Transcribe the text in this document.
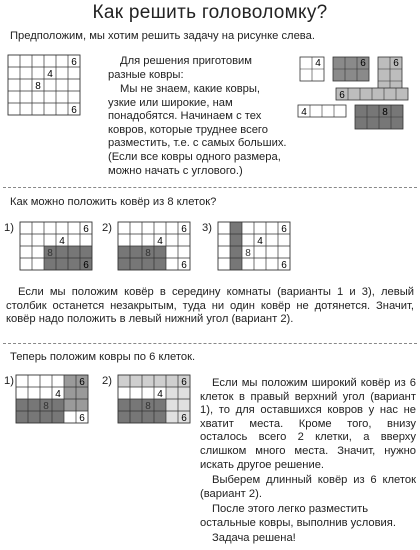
Как решить головоломку?
Предположим, мы хотим решить задачу на рисунке слева.
6
4
8
6
4	6	6
6
4	8
6
4
8
6
6
4
8
6
6
4
8
6
6
4
8
6
6
4
8
6
Для решения приготовим разные ковры:
Мы не знаем, какие ковры, узкие или широкие, нам понадобятся. Начинаем с тех ковров, которые труднее всего разместить, т.е. с самых больших. (Если все ковры одного размера, можно начать с углового.)
Как можно положить ковёр из 8 клеток?
1)	2)	3)
Если мы положим ковёр в середину комнаты (варианты 1 и 3), левый столбик останется незакрытым, туда ни один ковёр не дотянется. Значит, ковёр надо положить в левый нижний угол (вариант 2).
Теперь положим ковры по 6 клеток.
1)	2)	Если мы положим широкий ковёр из 6 клеток в правый верхний угол (вариант 1), то для оставшихся ковров у нас не хватит места. Кроме того, внизу осталось всего 2 клетки, а вверху слишком много места. Значит, нужно искать другое решение.
Выберем длинный ковёр из 6 клеток (вариант 2).
После этого легко разместить остальные ковры, выполнив условия.
Задача решена!
